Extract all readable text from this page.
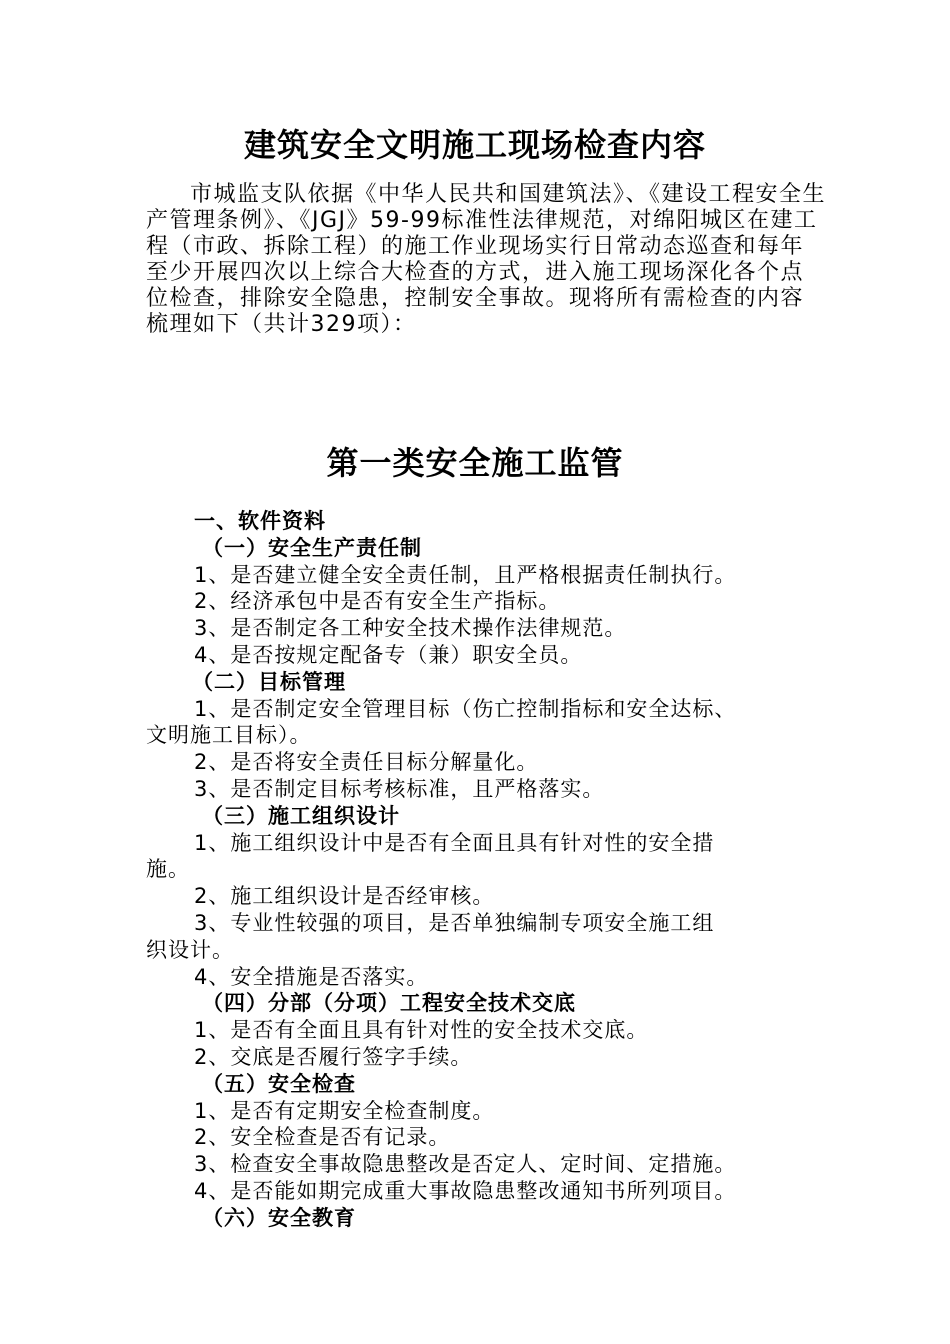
建筑安全文明施工现场检查内容

市城监支队依据《中华人民共和国建筑法》、《建设工程安全生产管理条例》、《JGJ》59-99标准性法律规范，对绵阳城区在建工程（市政、拆除工程）的施工作业现场实行日常动态巡查和每年至少开展四次以上综合大检查的方式，进入施工现场深化各个点位检查，排除安全隐患，控制安全事故。现将所有需检查的内容梳理如下（共计329项）：

第一类安全施工监管
一、软件资料
（一）安全生产责任制
1、是否建立健全安全责任制，且严格根据责任制执行。
2、经济承包中是否有安全生产指标。
3、是否制定各工种安全技术操作法律规范。
4、是否按规定配备专（兼）职安全员。
（二）目标管理
1、是否制定安全管理目标（伤亡控制指标和安全达标、
文明施工目标）。
2、是否将安全责任目标分解量化。
3、是否制定目标考核标准，且严格落实。
（三）施工组织设计
1、施工组织设计中是否有全面且具有针对性的安全措
施。
2、施工组织设计是否经审核。
3、专业性较强的项目，是否单独编制专项安全施工组
织设计。
4、安全措施是否落实。
（四）分部（分项）工程安全技术交底
1、是否有全面且具有针对性的安全技术交底。
2、交底是否履行签字手续。
（五）安全检查
1、是否有定期安全检查制度。
2、安全检查是否有记录。
3、检查安全事故隐患整改是否定人、定时间、定措施。
4、是否能如期完成重大事故隐患整改通知书所列项目。
（六）安全教育
